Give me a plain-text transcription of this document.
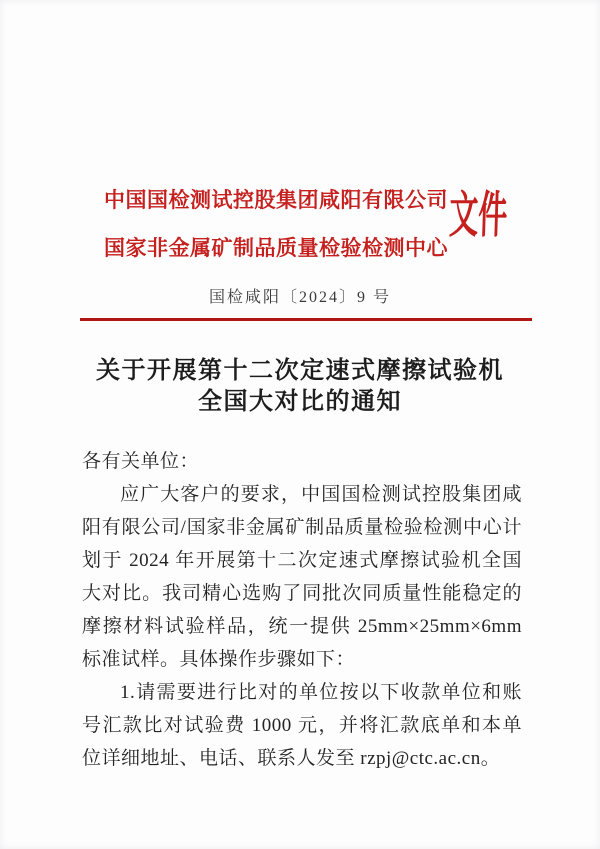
中国国检测试控股集团咸阳有限公司
国家非金属矿制品质量检验检测中心
文件
国检咸阳〔2024〕9 号
关于开展第十二次定速式摩擦试验机
全国大对比的通知

各有关单位：

应广大客户的要求，中国国检测试控股集团咸阳有限公司/国家非金属矿制品质量检验检测中心计划于 2024 年开展第十二次定速式摩擦试验机全国大对比。我司精心选购了同批次同质量性能稳定的摩擦材料试验样品，统一提供 25mm×25mm×6mm 标准试样。具体操作步骤如下：

1.请需要进行比对的单位按以下收款单位和账号汇款比对试验费 1000 元，并将汇款底单和本单位详细地址、电话、联系人发至 rzpj@ctc.ac.cn。
